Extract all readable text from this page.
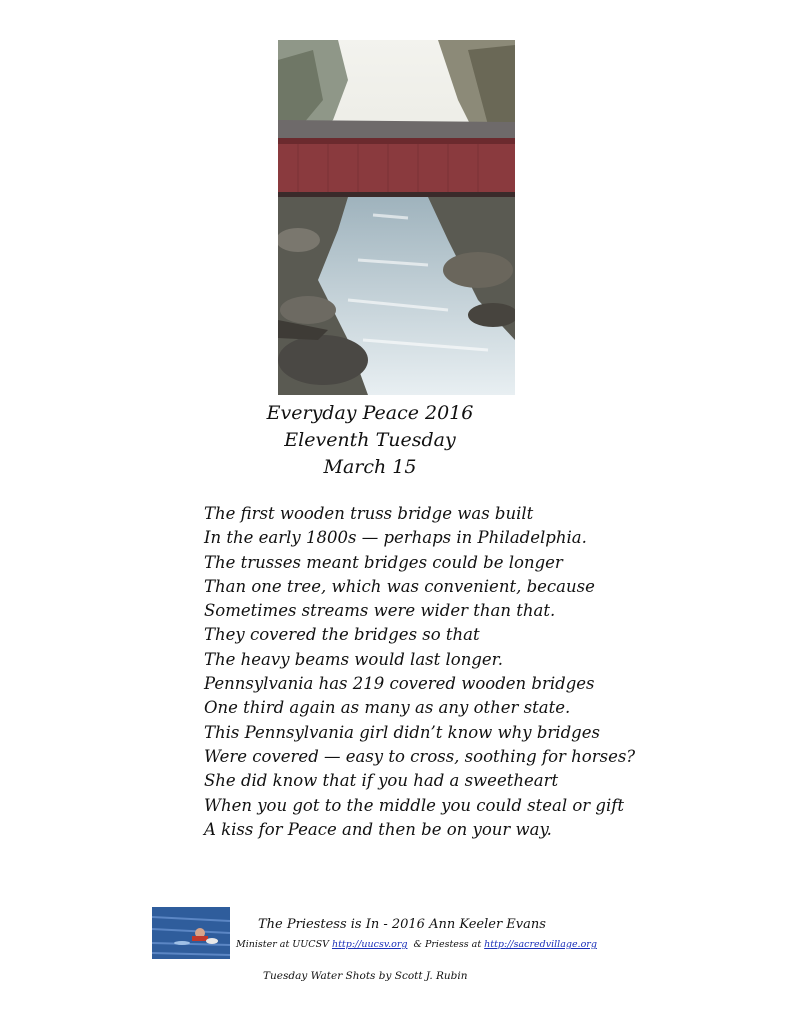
Everyday Peace 2016
Eleventh Tuesday
March 15
The first wooden truss bridge was built
In the early 1800s — perhaps in Philadelphia.
The trusses meant bridges could be longer
Than one tree, which was convenient, because
Sometimes streams were wider than that.
They covered the bridges so that
The heavy beams would last longer.
Pennsylvania has 219 covered wooden bridges
One third again as many as any other state.
This Pennsylvania girl didn’t know why bridges
Were covered — easy to cross, soothing for horses?
She did know that if you had a sweetheart
When you got to the middle you could steal or gift
A kiss for Peace and then be on your way.
The Priestess is In - 2016 Ann Keeler Evans
Minister at UUCSV http://uucsv.org  & Priestess at http://sacredvillage.org
Tuesday Water Shots by Scott J. Rubin
